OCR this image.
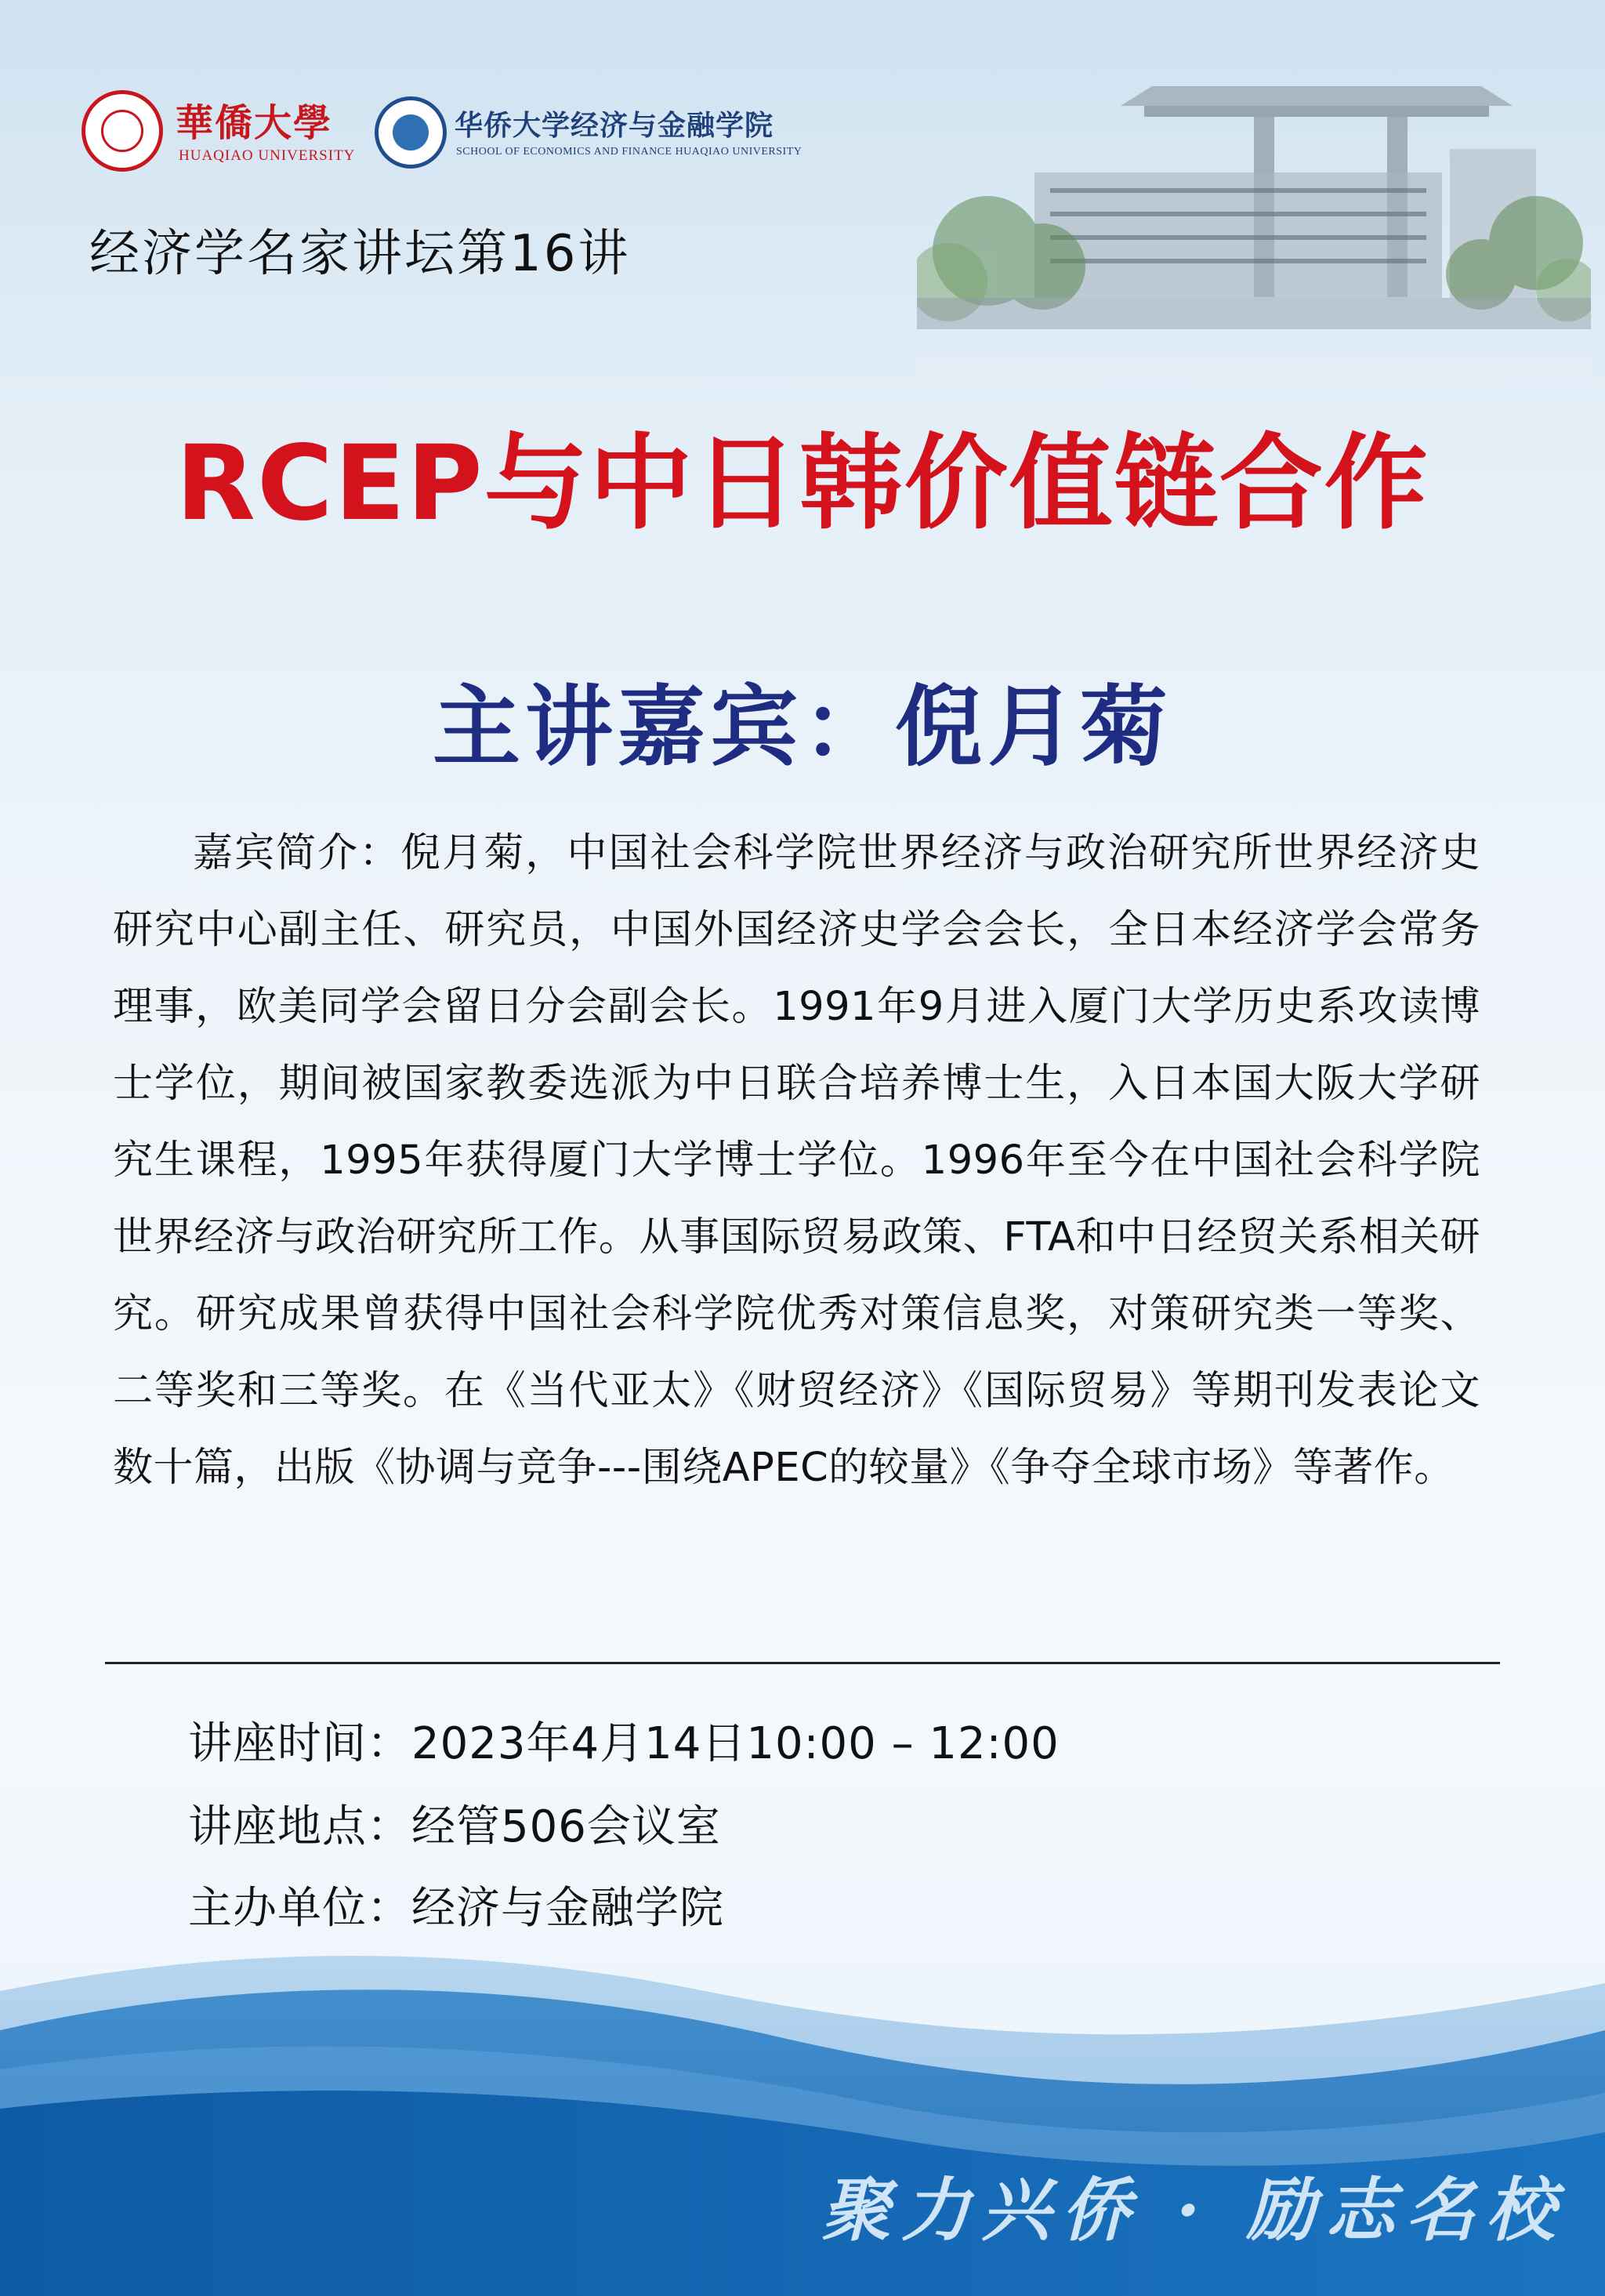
華僑大學
HUAQIAO UNIVERSITY
华侨大学经济与金融学院
SCHOOL OF ECONOMICS AND FINANCE HUAQIAO UNIVERSITY
经济学名家讲坛第16讲
RCEP与中日韩价值链合作
主讲嘉宾：倪月菊

嘉宾简介：倪月菊，中国社会科学院世界经济与政治研究所世界经济史研究中心副主任、研究员，中国外国经济史学会会长，全日本经济学会常务理事，欧美同学会留日分会副会长。1991年9月进入厦门大学历史系攻读博士学位，期间被国家教委选派为中日联合培养博士生，入日本国大阪大学研究生课程，1995年获得厦门大学博士学位。1996年至今在中国社会科学院世界经济与政治研究所工作。从事国际贸易政策、FTA和中日经贸关系相关研究。研究成果曾获得中国社会科学院优秀对策信息奖，对策研究类一等奖、二等奖和三等奖。在《当代亚太》《财贸经济》《国际贸易》等期刊发表论文数十篇，出版《协调与竞争---围绕APEC的较量》《争夺全球市场》等著作。

讲座时间：2023年4月14日10:00 – 12:00
讲座地点：经管506会议室
主办单位：经济与金融学院
聚力兴侨 · 励志名校
